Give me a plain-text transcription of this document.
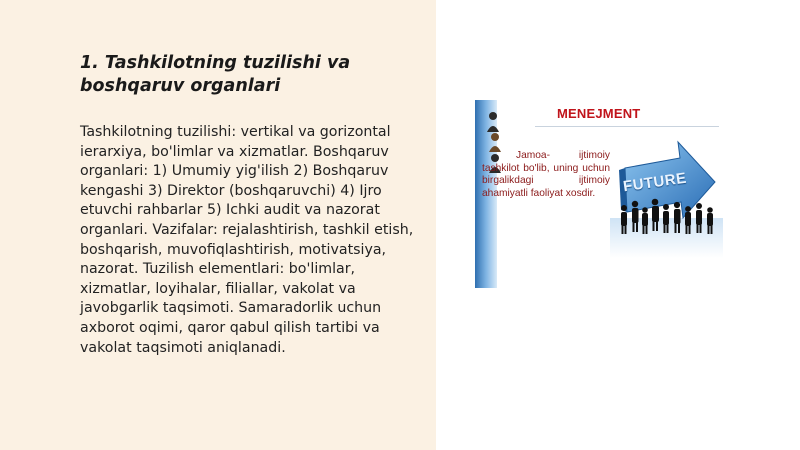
1. Tashkilotning tuzilishi va boshqaruv organlari

Tashkilotning tuzilishi: vertikal va gorizontal ierarxiya, bo'limlar va xizmatlar. Boshqaruv organlari: 1) Umumiy yig'ilish 2) Boshqaruv kengashi 3) Direktor (boshqaruvchi) 4) Ijro etuvchi rahbarlar 5) Ichki audit va nazorat organlari. Vazifalar: rejalashtirish, tashkil etish, boshqarish, muvofiqlashtirish, motivatsiya, nazorat. Tuzilish elementlari: bo'limlar, xizmatlar, loyihalar, filiallar, vakolat va javobgarlik taqsimoti. Samaradorlik uchun axborot oqimi, qaror qabul qilish tartibi va vakolat taqsimoti aniqlanadi.

MENEJMENT

FUTURE

Jamoa- ijtimoiy tashkilot bo'lib, uning uchun birgalikdagi ijtimoiy ahamiyatli faoliyat xosdir.
